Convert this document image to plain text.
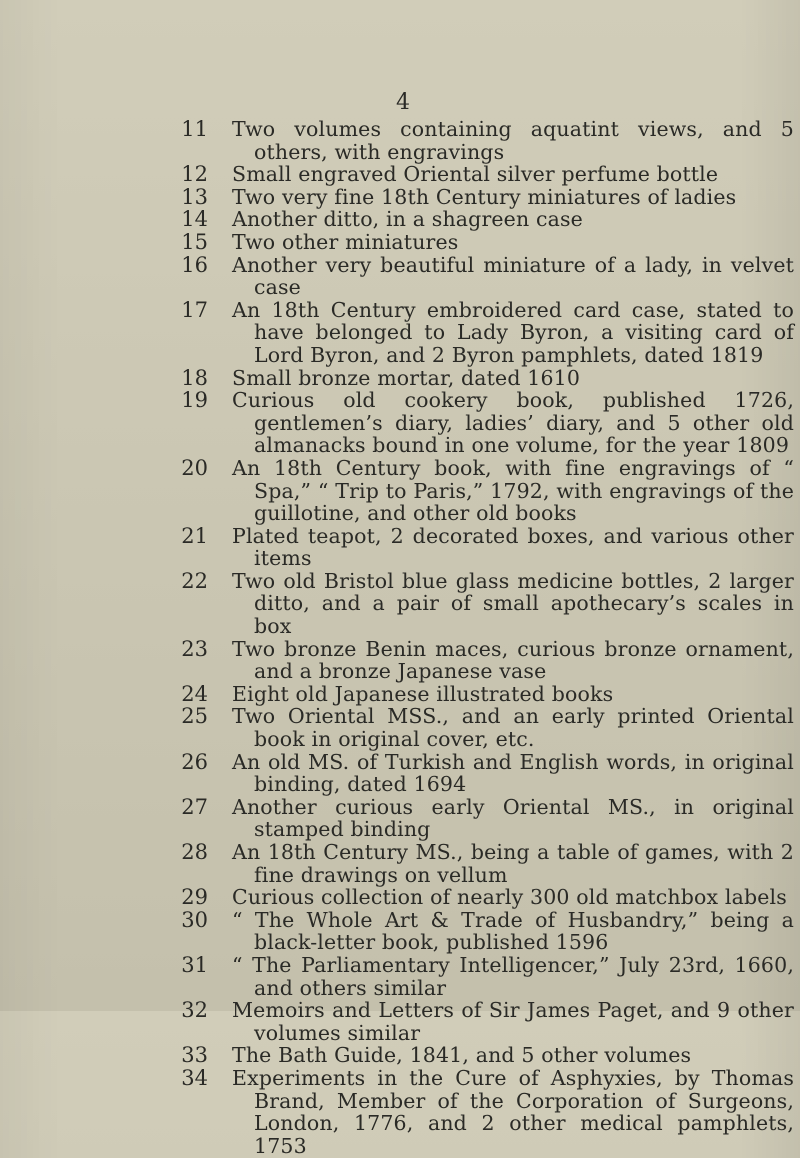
4
11 Two volumes containing aquatint views, and 5 others, with engravings
12 Small engraved Oriental silver perfume bottle
13 Two very fine 18th Century miniatures of ladies
14 Another ditto, in a shagreen case
15 Two other miniatures
16 Another very beautiful miniature of a lady, in velvet case
17 An 18th Century embroidered card case, stated to have belonged to Lady Byron, a visiting card of Lord Byron, and 2 Byron pamphlets, dated 1819
18 Small bronze mortar, dated 1610
19 Curious old cookery book, published 1726, gentlemen’s diary, ladies’ diary, and 5 other old almanacks bound in one volume, for the year 1809
20 An 18th Century book, with fine engravings of “ Spa,” “ Trip to Paris,” 1792, with engravings of the guillotine, and other old books
21 Plated teapot, 2 decorated boxes, and various other items
22 Two old Bristol blue glass medicine bottles, 2 larger ditto, and a pair of small apothecary’s scales in box
23 Two bronze Benin maces, curious bronze ornament, and a bronze Japanese vase
24 Eight old Japanese illustrated books
25 Two Oriental MSS., and an early printed Oriental book in original cover, etc.
26 An old MS. of Turkish and English words, in original binding, dated 1694
27 Another curious early Oriental MS., in original stamped binding
28 An 18th Century MS., being a table of games, with 2 fine drawings on vellum
29 Curious collection of nearly 300 old matchbox labels
30 “ The Whole Art & Trade of Husbandry,” being a black-letter book, published 1596
31 “ The Parliamentary Intelligencer,” July 23rd, 1660, and others similar
32 Memoirs and Letters of Sir James Paget, and 9 other volumes similar
33 The Bath Guide, 1841, and 5 other volumes
34 Experiments in the Cure of Asphyxies, by Thomas Brand, Member of the Corporation of Surgeons, London, 1776, and 2 other medical pamphlets, 1753
